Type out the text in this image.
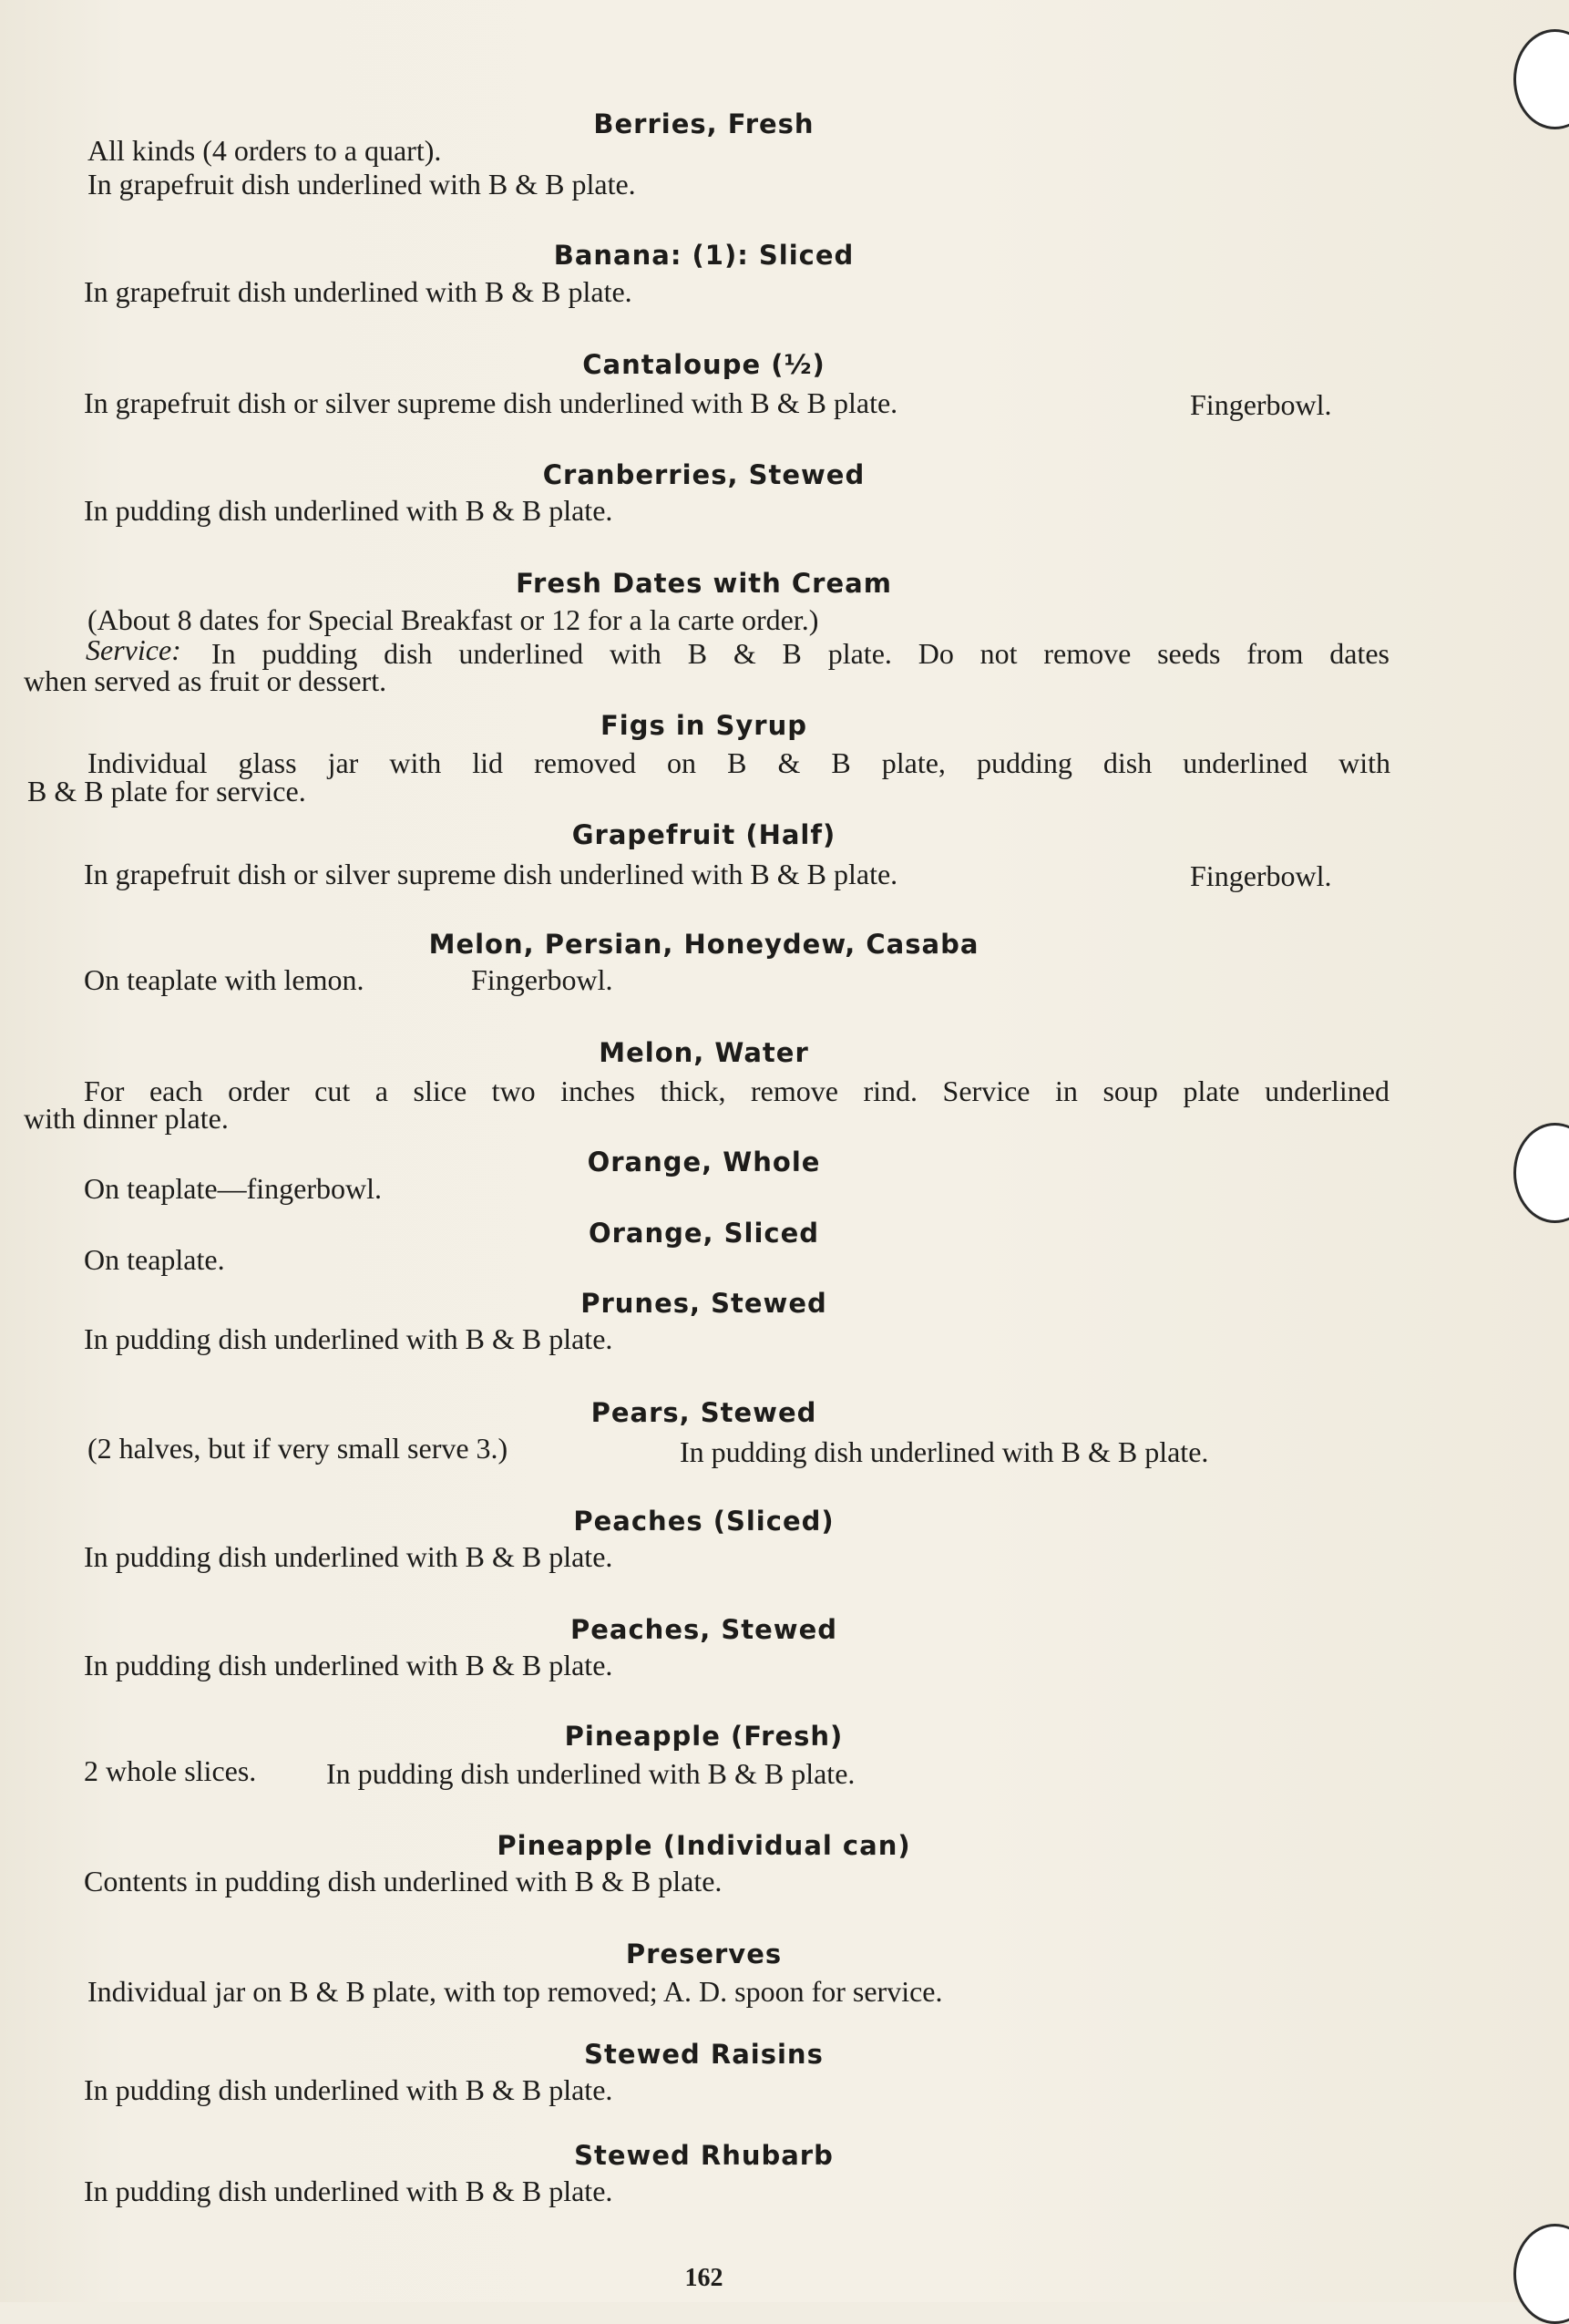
Berries, Fresh
All kinds (4 orders to a quart).
In grapefruit dish underlined with B & B plate.
Banana: (1): Sliced
In grapefruit dish underlined with B & B plate.
Cantaloupe (½)
In grapefruit dish or silver supreme dish underlined with B & B plate.	Fingerbowl.
Cranberries, Stewed
In pudding dish underlined with B & B plate.
Fresh Dates with Cream
(About 8 dates for Special Breakfast or 12 for a la carte order.)
Service: In pudding dish underlined with B & B plate. Do not remove seeds from dates
when served as fruit or dessert.
Figs in Syrup
Individual glass jar with lid removed on B & B plate, pudding dish underlined with
B & B plate for service.
Grapefruit (Half)
In grapefruit dish or silver supreme dish underlined with B & B plate.	Fingerbowl.
Melon, Persian, Honeydew, Casaba
On teaplate with lemon.	Fingerbowl.
Melon, Water
For each order cut a slice two inches thick, remove rind. Service in soup plate underlined
with dinner plate.
Orange, Whole
On teaplate—fingerbowl.
Orange, Sliced
On teaplate.
Prunes, Stewed
In pudding dish underlined with B & B plate.
Pears, Stewed
(2 halves, but if very small serve 3.)	In pudding dish underlined with B & B plate.
Peaches (Sliced)
In pudding dish underlined with B & B plate.
Peaches, Stewed
In pudding dish underlined with B & B plate.
Pineapple (Fresh)
2 whole slices. In pudding dish underlined with B & B plate.
Pineapple (Individual can)
Contents in pudding dish underlined with B & B plate.
Preserves
Individual jar on B & B plate, with top removed; A. D. spoon for service.
Stewed Raisins
In pudding dish underlined with B & B plate.
Stewed Rhubarb
In pudding dish underlined with B & B plate.
162
